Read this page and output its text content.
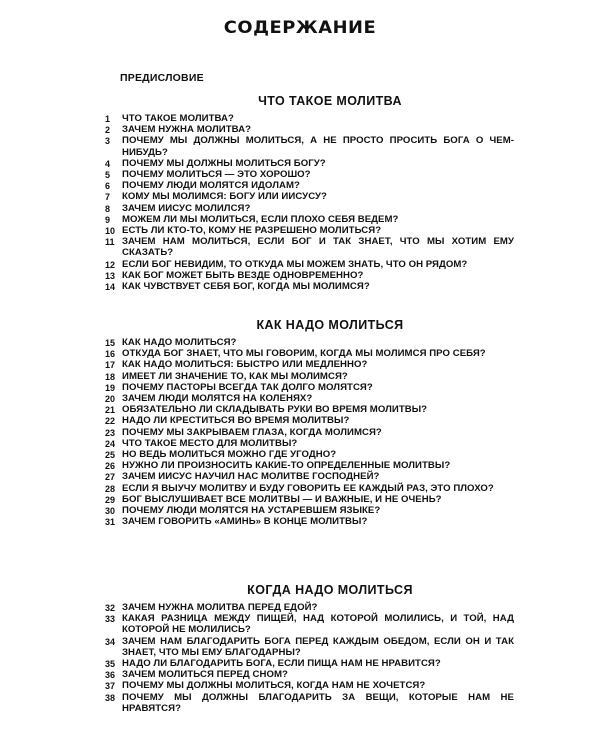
СОДЕРЖАНИЕ
ПРЕДИСЛОВИЕ
ЧТО ТАКОЕ МОЛИТВА
1	ЧТО ТАКОЕ МОЛИТВА?
2	ЗАЧЕМ НУЖНА МОЛИТВА?
3	ПОЧЕМУ МЫ ДОЛЖНЫ МОЛИТЬСЯ, А НЕ ПРОСТО ПРОСИТЬ БОГА О ЧЕМ-НИБУДЬ?
4	ПОЧЕМУ МЫ ДОЛЖНЫ МОЛИТЬСЯ БОГУ?
5	ПОЧЕМУ МОЛИТЬСЯ — ЭТО ХОРОШО?
6	ПОЧЕМУ ЛЮДИ МОЛЯТСЯ ИДОЛАМ?
7	КОМУ МЫ МОЛИМСЯ: БОГУ ИЛИ ИИСУСУ?
8	ЗАЧЕМ ИИСУС МОЛИЛСЯ?
9	МОЖЕМ ЛИ МЫ МОЛИТЬСЯ, ЕСЛИ ПЛОХО СЕБЯ ВЕДЕМ?
10 ЕСТЬ ЛИ КТО-ТО, КОМУ НЕ РАЗРЕШЕНО МОЛИТЬСЯ?
11 ЗАЧЕМ НАМ МОЛИТЬСЯ, ЕСЛИ БОГ И ТАК ЗНАЕТ, ЧТО МЫ ХОТИМ ЕМУ СКАЗАТЬ?
12 ЕСЛИ БОГ НЕВИДИМ, ТО ОТКУДА МЫ МОЖЕМ ЗНАТЬ, ЧТО ОН РЯДОМ?
13 КАК БОГ МОЖЕТ БЫТЬ ВЕЗДЕ ОДНОВРЕМЕННО?
14 КАК ЧУВСТВУЕТ СЕБЯ БОГ, КОГДА МЫ МОЛИМСЯ?
КАК НАДО МОЛИТЬСЯ
15 КАК НАДО МОЛИТЬСЯ?
16 ОТКУДА БОГ ЗНАЕТ, ЧТО МЫ ГОВОРИМ, КОГДА МЫ МОЛИМСЯ ПРО СЕБЯ?
17 КАК НАДО МОЛИТЬСЯ: БЫСТРО ИЛИ МЕДЛЕННО?
18 ИМЕЕТ ЛИ ЗНАЧЕНИЕ ТО, КАК МЫ МОЛИМСЯ?
19 ПОЧЕМУ ПАСТОРЫ ВСЕГДА ТАК ДОЛГО МОЛЯТСЯ?
20 ЗАЧЕМ ЛЮДИ МОЛЯТСЯ НА КОЛЕНЯХ?
21 ОБЯЗАТЕЛЬНО ЛИ СКЛАДЫВАТЬ РУКИ ВО ВРЕМЯ МОЛИТВЫ?
22 НАДО ЛИ КРЕСТИТЬСЯ ВО ВРЕМЯ МОЛИТВЫ?
23 ПОЧЕМУ МЫ ЗАКРЫВАЕМ ГЛАЗА, КОГДА МОЛИМСЯ?
24 ЧТО ТАКОЕ МЕСТО ДЛЯ МОЛИТВЫ?
25 НО ВЕДЬ МОЛИТЬСЯ МОЖНО ГДЕ УГОДНО?
26 НУЖНО ЛИ ПРОИЗНОСИТЬ КАКИЕ-ТО ОПРЕДЕЛЕННЫЕ МОЛИТВЫ?
27 ЗАЧЕМ ИИСУС НАУЧИЛ НАС МОЛИТВЕ ГОСПОДНЕЙ?
28 ЕСЛИ Я ВЫУЧУ МОЛИТВУ И БУДУ ГОВОРИТЬ ЕЕ КАЖДЫЙ РАЗ, ЭТО ПЛОХО?
29 БОГ ВЫСЛУШИВАЕТ ВСЕ МОЛИТВЫ — И ВАЖНЫЕ, И НЕ ОЧЕНЬ?
30 ПОЧЕМУ ЛЮДИ МОЛЯТСЯ НА УСТАРЕВШЕМ ЯЗЫКЕ?
31 ЗАЧЕМ ГОВОРИТЬ «АМИНЬ» В КОНЦЕ МОЛИТВЫ?
КОГДА НАДО МОЛИТЬСЯ
32 ЗАЧЕМ НУЖНА МОЛИТВА ПЕРЕД ЕДОЙ?
33 КАКАЯ РАЗНИЦА МЕЖДУ ПИЩЕЙ, НАД КОТОРОЙ МОЛИЛИСЬ, И ТОЙ, НАД КОТОРОЙ НЕ МОЛИЛИСЬ?
34 ЗАЧЕМ НАМ БЛАГОДАРИТЬ БОГА ПЕРЕД КАЖДЫМ ОБЕДОМ, ЕСЛИ ОН И ТАК ЗНАЕТ, ЧТО МЫ ЕМУ БЛАГОДАРНЫ?
35 НАДО ЛИ БЛАГОДАРИТЬ БОГА, ЕСЛИ ПИЩА НАМ НЕ НРАВИТСЯ?
36 ЗАЧЕМ МОЛИТЬСЯ ПЕРЕД СНОМ?
37 ПОЧЕМУ МЫ ДОЛЖНЫ МОЛИТЬСЯ, КОГДА НАМ НЕ ХОЧЕТСЯ?
38 ПОЧЕМУ МЫ ДОЛЖНЫ БЛАГОДАРИТЬ ЗА ВЕЩИ, КОТОРЫЕ НАМ НЕ НРАВЯТСЯ?
